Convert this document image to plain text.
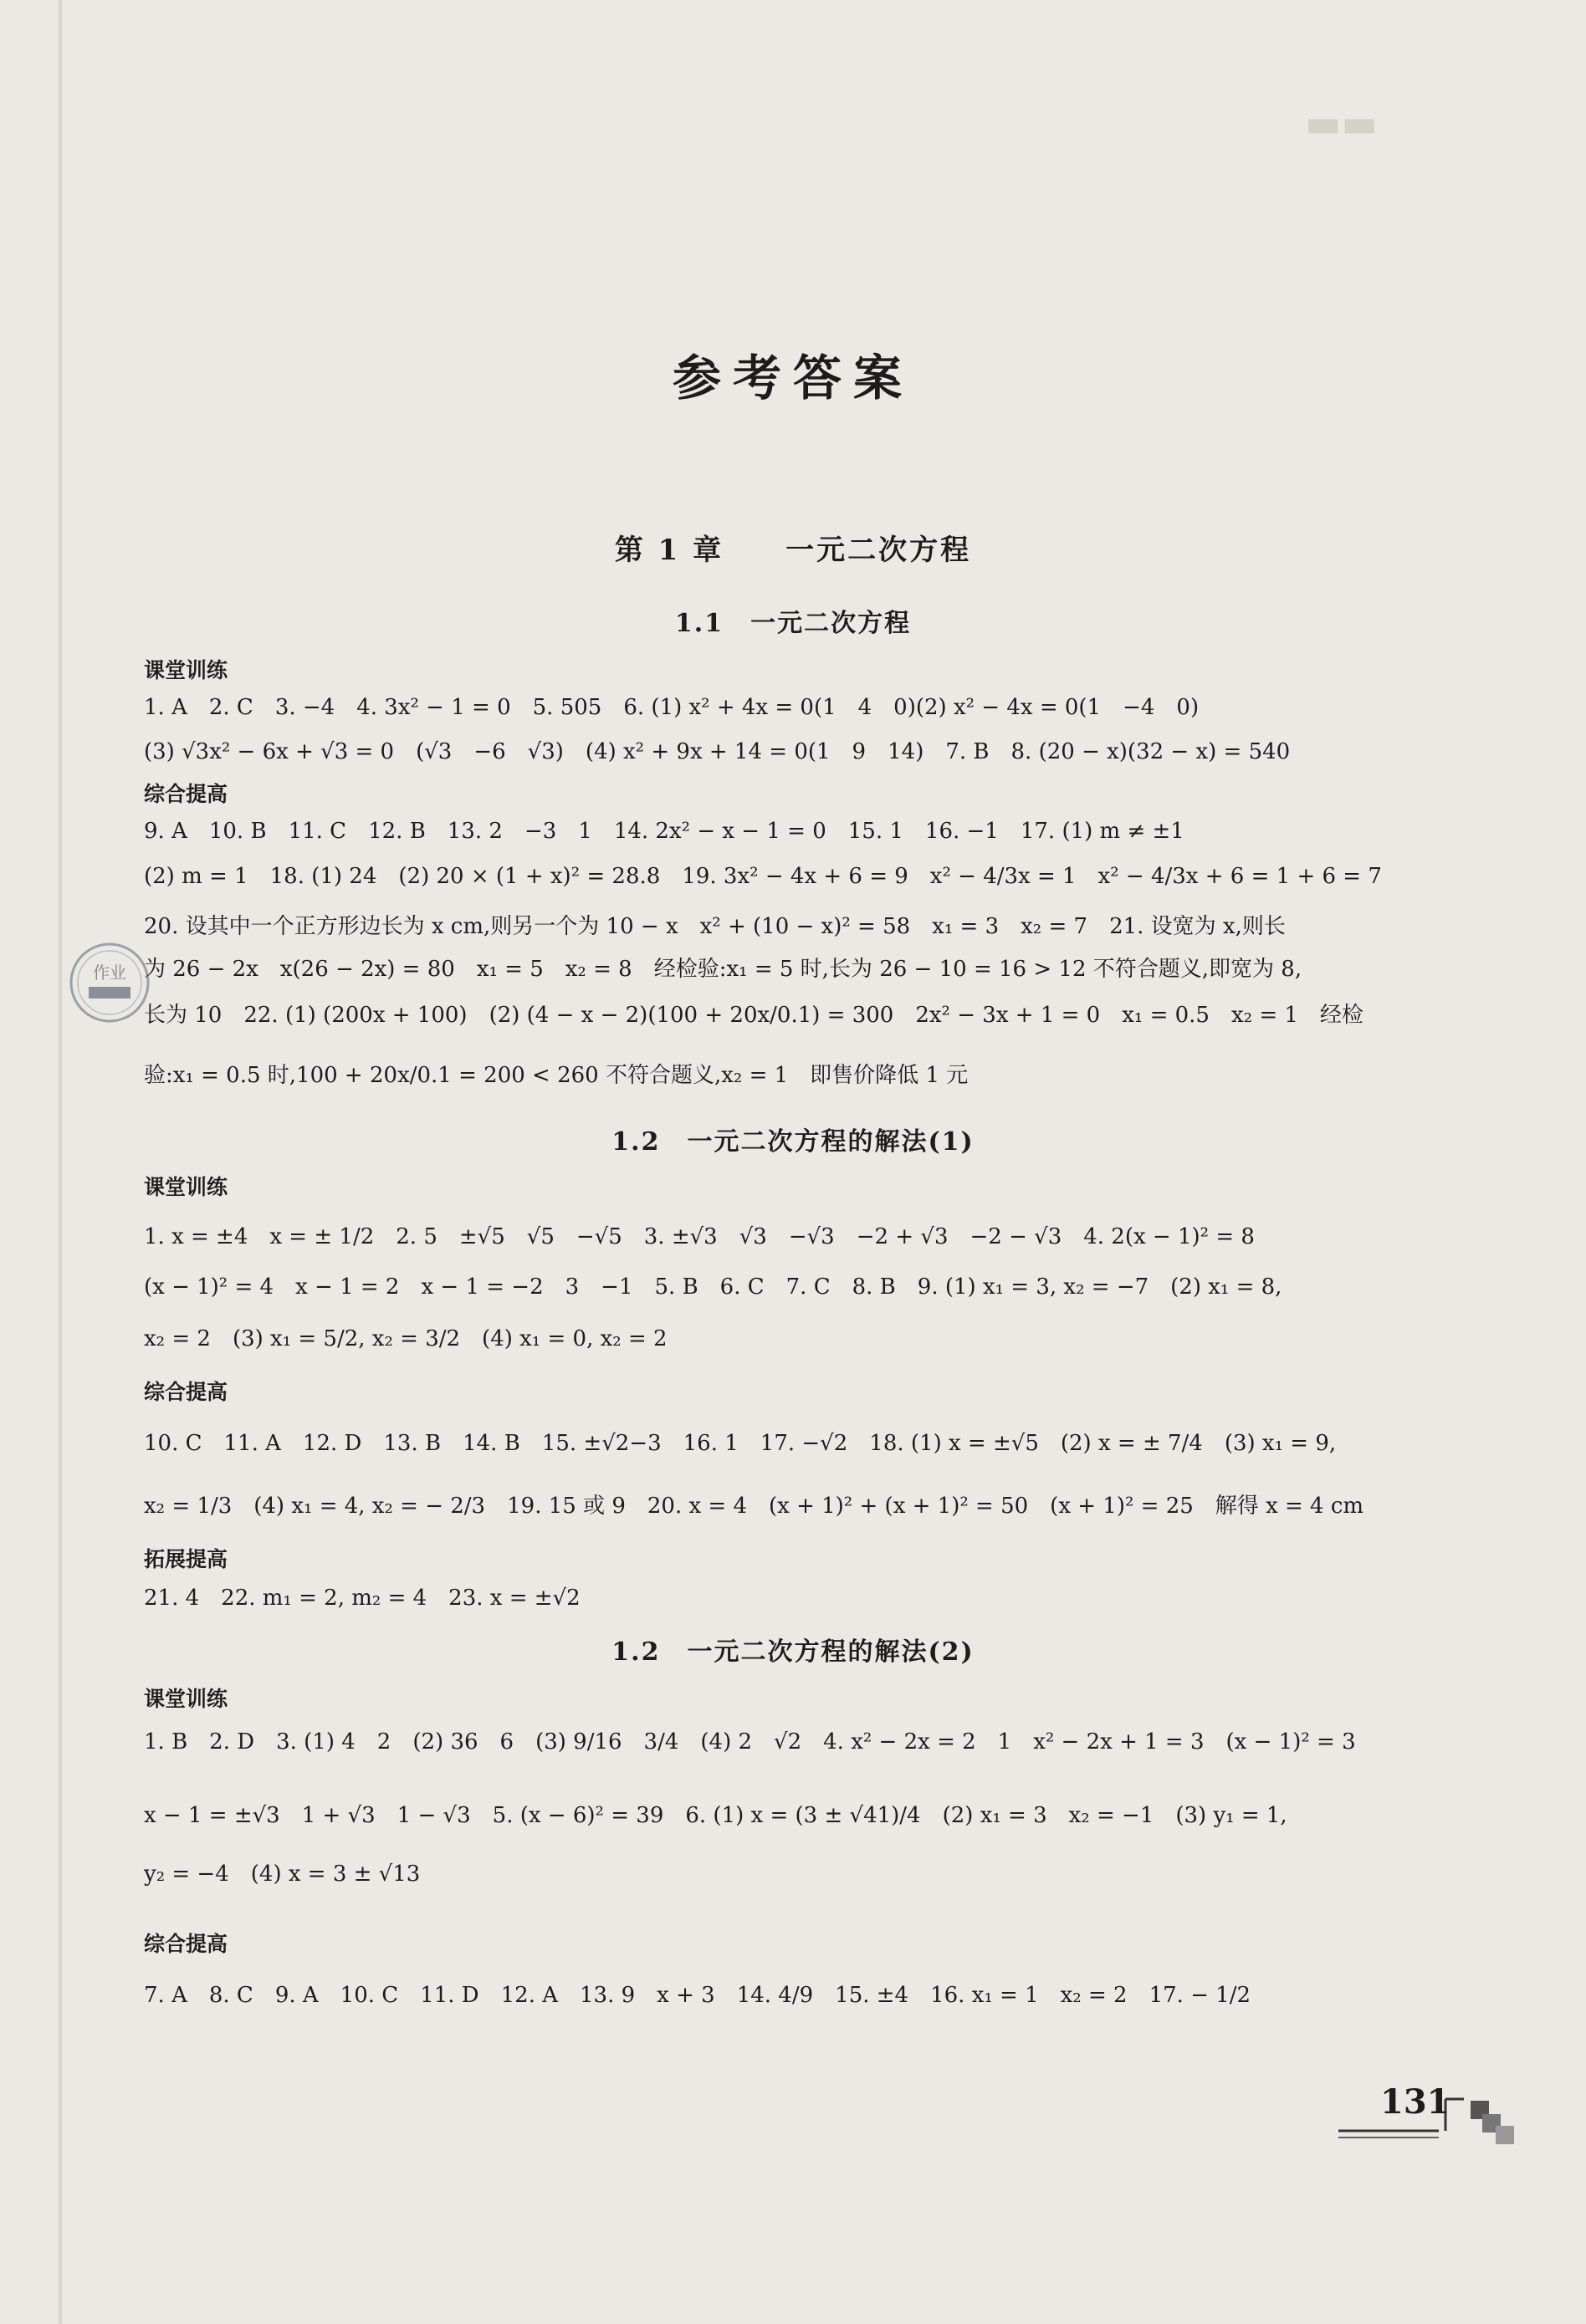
▬▬
作业
参考答案
第 1 章　　一元二次方程
1.1　一元二次方程
课堂训练
1. A　2. C　3. −4　4. 3x² − 1 = 0　5. 505　6. (1) x² + 4x = 0(1　4　0)(2) x² − 4x = 0(1　−4　0)
(3) √3x² − 6x + √3 = 0　(√3　−6　√3)　(4) x² + 9x + 14 = 0(1　9　14)　7. B　8. (20 − x)(32 − x) = 540
综合提高
9. A　10. B　11. C　12. B　13. 2　−3　1　14. 2x² − x − 1 = 0　15. 1　16. −1　17. (1) m ≠ ±1
(2) m = 1　18. (1) 24　(2) 20 × (1 + x)² = 28.8　19. 3x² − 4x + 6 = 9　x² − 4/3x = 1　x² − 4/3x + 6 = 1 + 6 = 7
20. 设其中一个正方形边长为 x cm,则另一个为 10 − x　x² + (10 − x)² = 58　x₁ = 3　x₂ = 7　21. 设宽为 x,则长
为 26 − 2x　x(26 − 2x) = 80　x₁ = 5　x₂ = 8　经检验:x₁ = 5 时,长为 26 − 10 = 16 > 12 不符合题义,即宽为 8,
长为 10　22. (1) (200x + 100)　(2) (4 − x − 2)(100 + 20x/0.1) = 300　2x² − 3x + 1 = 0　x₁ = 0.5　x₂ = 1　经检
验:x₁ = 0.5 时,100 + 20x/0.1 = 200 < 260 不符合题义,x₂ = 1　即售价降低 1 元
1.2　一元二次方程的解法(1)
课堂训练
1. x = ±4　x = ± 1/2　2. 5　±√5　√5　−√5　3. ±√3　√3　−√3　−2 + √3　−2 − √3　4. 2(x − 1)² = 8
(x − 1)² = 4　x − 1 = 2　x − 1 = −2　3　−1　5. B　6. C　7. C　8. B　9. (1) x₁ = 3, x₂ = −7　(2) x₁ = 8,
x₂ = 2　(3) x₁ = 5/2, x₂ = 3/2　(4) x₁ = 0, x₂ = 2
综合提高
10. C　11. A　12. D　13. B　14. B　15. ±√2−3　16. 1　17. −√2　18. (1) x = ±√5　(2) x = ± 7/4　(3) x₁ = 9,
x₂ = 1/3　(4) x₁ = 4, x₂ = − 2/3　19. 15 或 9　20. x = 4　(x + 1)² + (x + 1)² = 50　(x + 1)² = 25　解得 x = 4 cm
拓展提高
21. 4　22. m₁ = 2, m₂ = 4　23. x = ±√2
1.2　一元二次方程的解法(2)
课堂训练
1. B　2. D　3. (1) 4　2　(2) 36　6　(3) 9/16　3/4　(4) 2　√2　4. x² − 2x = 2　1　x² − 2x + 1 = 3　(x − 1)² = 3
x − 1 = ±√3　1 + √3　1 − √3　5. (x − 6)² = 39　6. (1) x = (3 ± √41)/4　(2) x₁ = 3　x₂ = −1　(3) y₁ = 1,
y₂ = −4　(4) x = 3 ± √13
综合提高
7. A　8. C　9. A　10. C　11. D　12. A　13. 9　x + 3　14. 4/9　15. ±4　16. x₁ = 1　x₂ = 2　17. − 1/2
131
